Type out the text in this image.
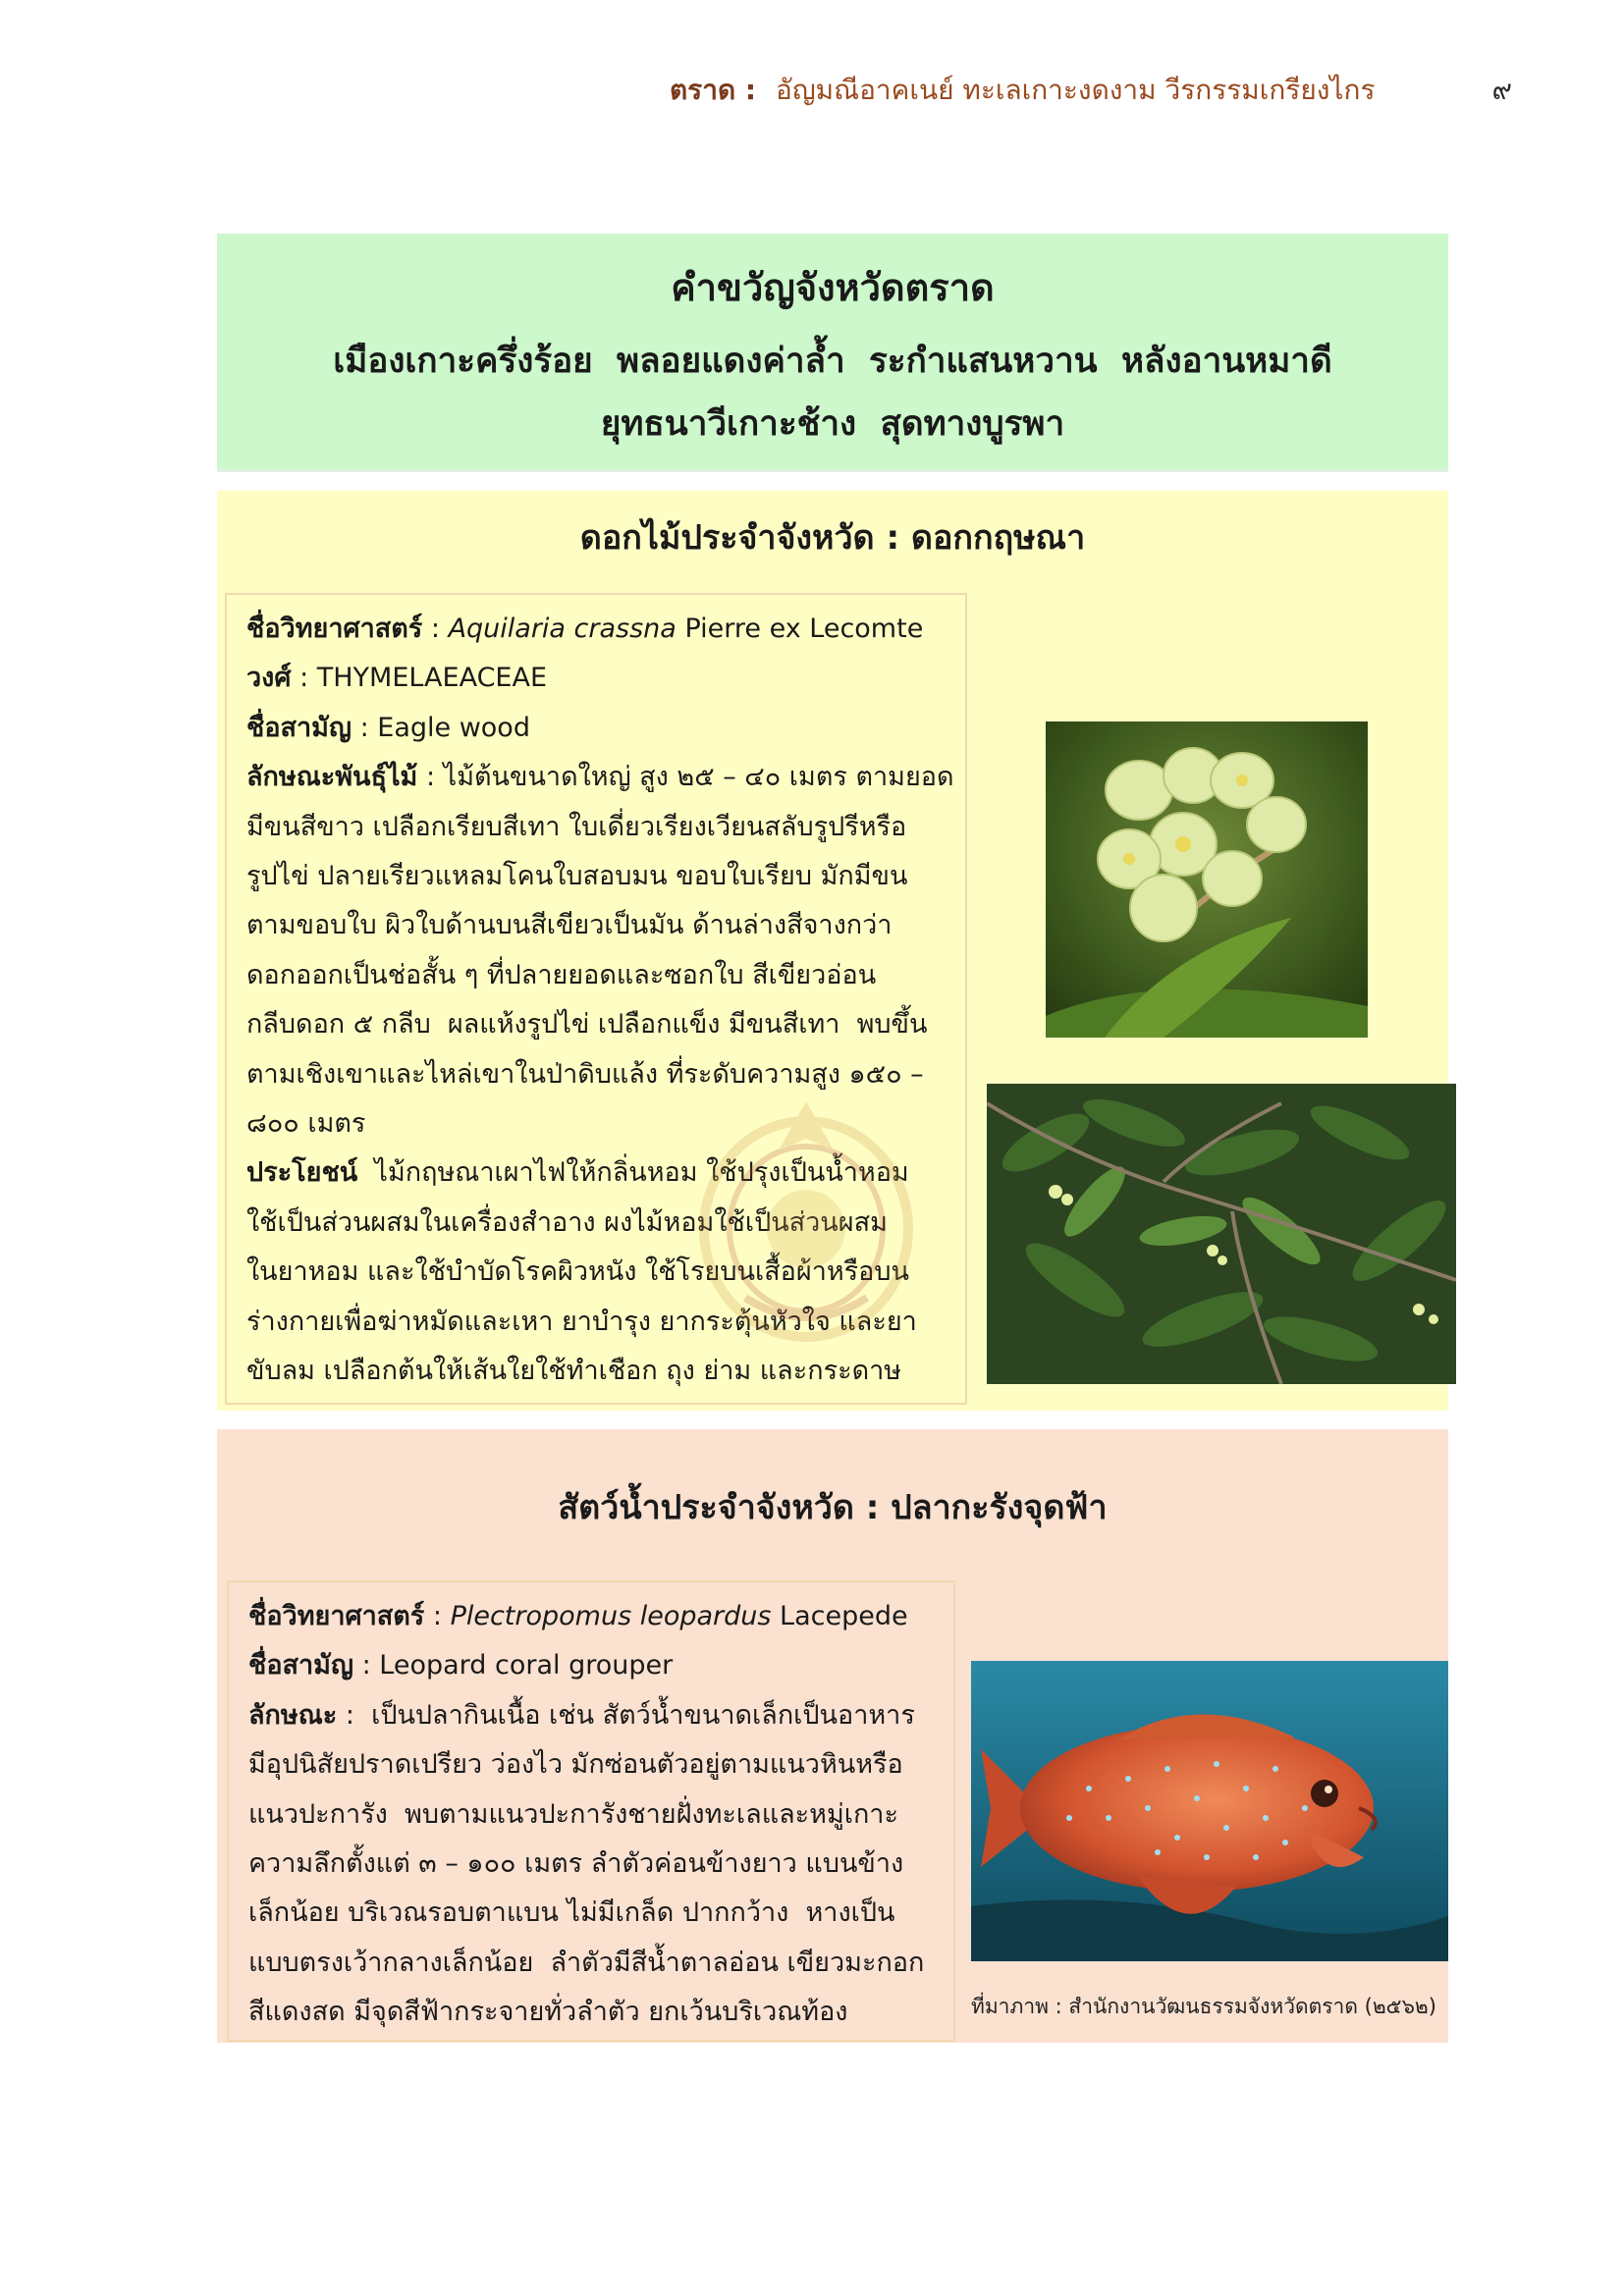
ตราด : อัญมณีอาคเนย์ ทะเลเกาะงดงาม วีรกรรมเกรียงไกร	๙
คำขวัญจังหวัดตราด
เมืองเกาะครึ่งร้อย  พลอยแดงค่าล้ำ  ระกำแสนหวาน  หลังอานหมาดี
ยุทธนาวีเกาะช้าง  สุดทางบูรพา
ดอกไม้ประจำจังหวัด : ดอกกฤษณา
ชื่อวิทยาศาสตร์ : Aquilaria crassna Pierre ex Lecomte
วงศ์ : THYMELAEACEAE
ชื่อสามัญ : Eagle wood
ลักษณะพันธุ์ไม้ : ไม้ต้นขนาดใหญ่ สูง ๒๕ – ๔๐ เมตร ตามยอด
มีขนสีขาว เปลือกเรียบสีเทา ใบเดี่ยวเรียงเวียนสลับรูปรีหรือ
รูปไข่ ปลายเรียวแหลมโคนใบสอบมน ขอบใบเรียบ มักมีขน
ตามขอบใบ ผิวใบด้านบนสีเขียวเป็นมัน ด้านล่างสีจางกว่า
ดอกออกเป็นช่อสั้น ๆ ที่ปลายยอดและซอกใบ สีเขียวอ่อน
กลีบดอก ๕ กลีบ  ผลแห้งรูปไข่ เปลือกแข็ง มีขนสีเทา  พบขึ้น
ตามเชิงเขาและไหล่เขาในป่าดิบแล้ง ที่ระดับความสูง ๑๕๐ –
๘๐๐ เมตร
ประโยชน์  ไม้กฤษณาเผาไฟให้กลิ่นหอม ใช้ปรุงเป็นน้ำหอม
ใช้เป็นส่วนผสมในเครื่องสำอาง ผงไม้หอมใช้เป็นส่วนผสม
ในยาหอม และใช้บำบัดโรคผิวหนัง ใช้โรยบนเสื้อผ้าหรือบน
ร่างกายเพื่อฆ่าหมัดและเหา ยาบำรุง ยากระตุ้นหัวใจ และยา
ขับลม เปลือกต้นให้เส้นใยใช้ทำเชือก ถุง ย่าม และกระดาษ
สัตว์น้ำประจำจังหวัด : ปลากะรังจุดฟ้า
ชื่อวิทยาศาสตร์ : Plectropomus leopardus Lacepede
ชื่อสามัญ : Leopard coral grouper
ลักษณะ :  เป็นปลากินเนื้อ เช่น สัตว์น้ำขนาดเล็กเป็นอาหาร
มีอุปนิสัยปราดเปรียว ว่องไว มักซ่อนตัวอยู่ตามแนวหินหรือ
แนวปะการัง  พบตามแนวปะการังชายฝั่งทะเลและหมู่เกาะ
ความลึกตั้งแต่ ๓ – ๑๐๐ เมตร ลำตัวค่อนข้างยาว แบนข้าง
เล็กน้อย บริเวณรอบตาแบน ไม่มีเกล็ด ปากกว้าง  หางเป็น
แบบตรงเว้ากลางเล็กน้อย  ลำตัวมีสีน้ำตาลอ่อน เขียวมะกอก
สีแดงสด มีจุดสีฟ้ากระจายทั่วลำตัว ยกเว้นบริเวณท้อง	ที่มาภาพ : สำนักงานวัฒนธรรมจังหวัดตราด (๒๕๖๒)
